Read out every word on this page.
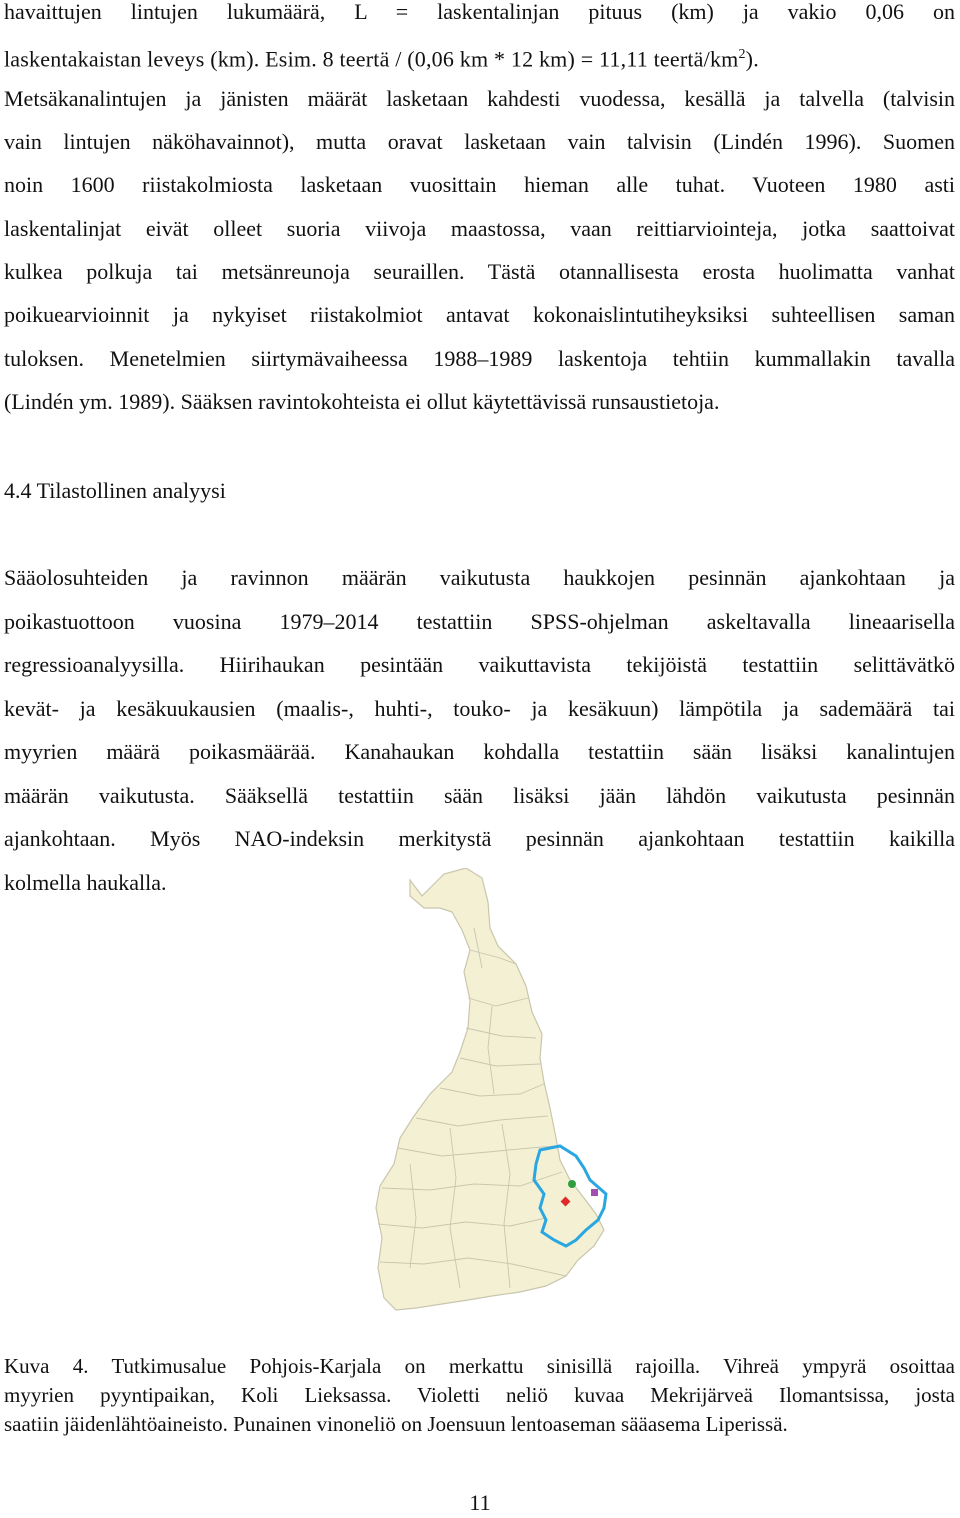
havaittujen lintujen lukumäärä, L = laskentalinjan pituus (km) ja vakio 0,06 on
laskentakaistan leveys (km). Esim. 8 teertä / (0,06 km * 12 km) = 11,11 teertä/$km^2$).
Metsäkanalintujen ja jänisten määrät lasketaan kahdesti vuodessa, kesällä ja talvella (talvisin
vain lintujen näköhavainnot), mutta oravat lasketaan vain talvisin (Lindén 1996). Suomen
noin 1600 riistakolmiosta lasketaan vuosittain hieman alle tuhat. Vuoteen 1980 asti
laskentalinjat eivät olleet suoria viivoja maastossa, vaan reittiarviointeja, jotka saattoivat
kulkea polkuja tai metsänreunoja seuraillen. Tästä otannallisesta erosta huolimatta vanhat
poikuearvioinnit ja nykyiset riistakolmiot antavat kokonaislintutiheyksiksi suhteellisen saman
tuloksen. Menetelmien siirtymävaiheessa 1988–1989 laskentoja tehtiin kummallakin tavalla
(Lindén ym. 1989). Sääksen ravintokohteista ei ollut käytettävissä runsaustietoja.
4.4 Tilastollinen analyysi
Sääolosuhteiden ja ravinnon määrän vaikutusta haukkojen pesinnän ajankohtaan ja
poikastuottoon vuosina 1979–2014 testattiin SPSS-ohjelman askeltavalla lineaarisella
regressioanalyysilla. Hiirihaukan pesintään vaikuttavista tekijöistä testattiin selittävätkö
kevät- ja kesäkuukausien (maalis-, huhti-, touko- ja kesäkuun) lämpötila ja sademäärä tai
myyrien määrä poikasmäärää. Kanahaukan kohdalla testattiin sään lisäksi kanalintujen
määrän vaikutusta. Sääksellä testattiin sään lisäksi jään lähdön vaikutusta pesinnän
ajankohtaan. Myös NAO-indeksin merkitystä pesinnän ajankohtaan testattiin kaikilla
kolmella haukalla.
Kuva 4. Tutkimusalue Pohjois-Karjala on merkattu sinisillä rajoilla. Vihreä ympyrä osoittaa
myyrien pyyntipaikan, Koli Lieksassa. Violetti neliö kuvaa Mekrijärveä Ilomantsissa, josta
saatiin jäidenlähtöaineisto. Punainen vinoneliö on Joensuun lentoaseman sääasema Liperissä.
11
